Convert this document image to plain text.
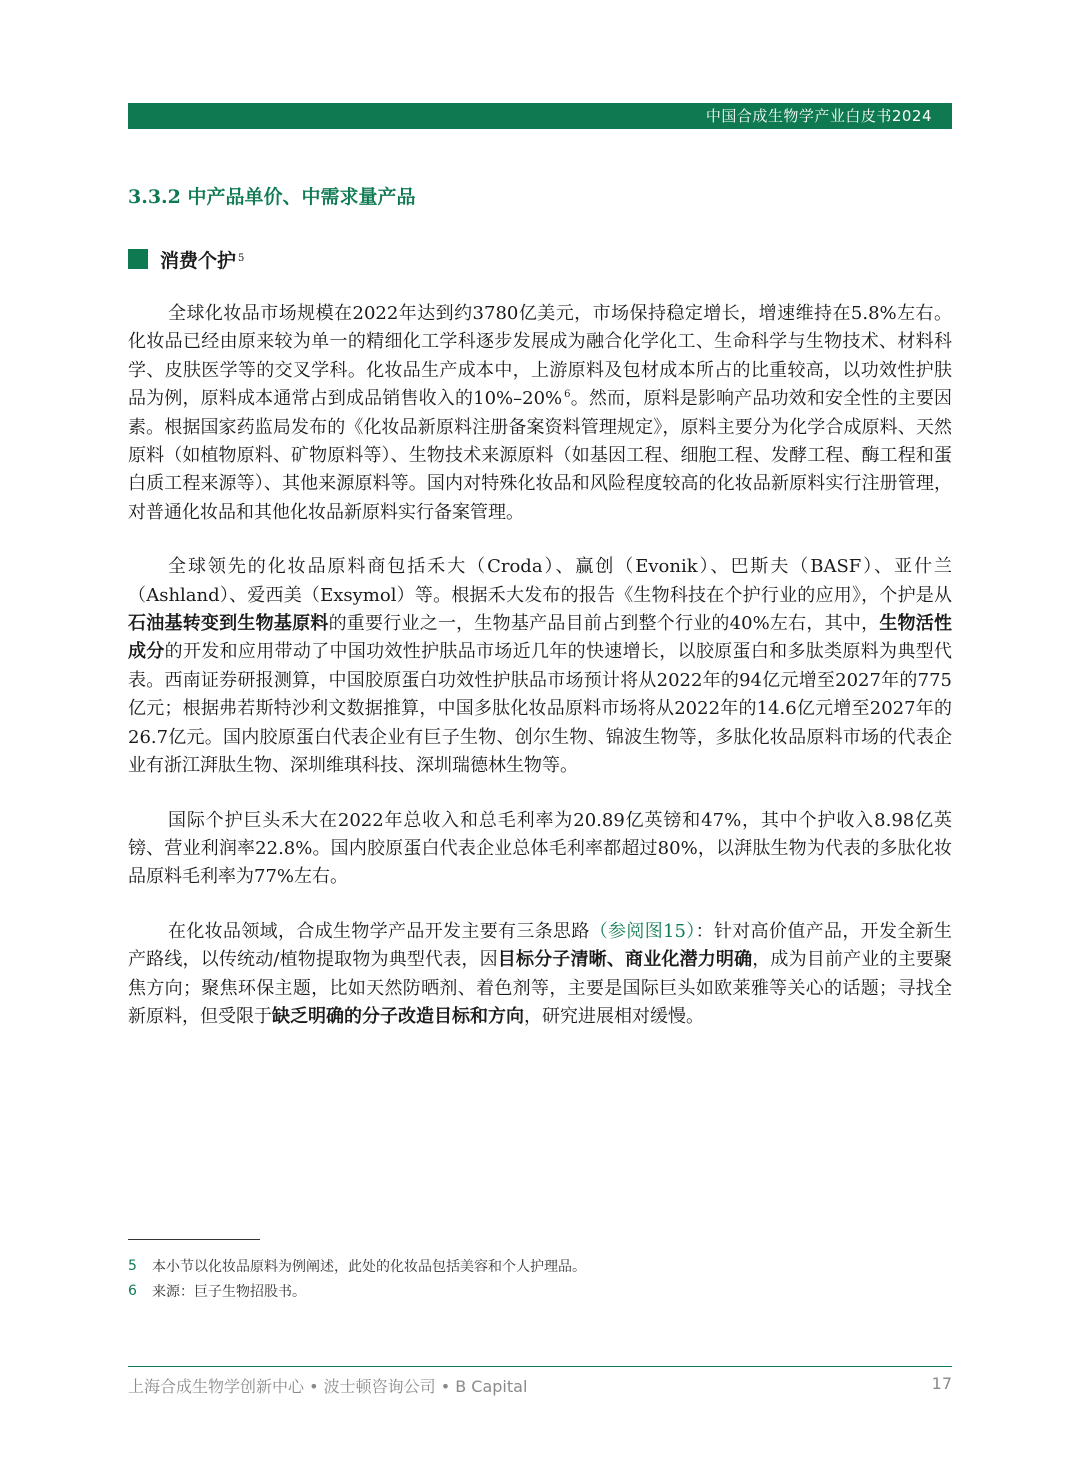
中国合成生物学产业白皮书2024
3.3.2 中产品单价、中需求量产品
消费个护 5

全球化妆品市场规模在2022年达到约3780亿美元，市场保持稳定增长，增速维持在5.8%左右。化妆品已经由原来较为单一的精细化工学科逐步发展成为融合化学化工、生命科学与生物技术、材料科学、皮肤医学等的交叉学科。化妆品生产成本中，上游原料及包材成本所占的比重较高，以功效性护肤品为例，原料成本通常占到成品销售收入的10%–20% $^6$。然而，原料是影响产品功效和安全性的主要因素。根据国家药监局发布的《化妆品新原料注册备案资料管理规定》，原料主要分为化学合成原料、天然原料（如植物原料、矿物原料等）、生物技术来源原料（如基因工程、细胞工程、发酵工程、酶工程和蛋白质工程来源等）、其他来源原料等。国内对特殊化妆品和风险程度较高的化妆品新原料实行注册管理，对普通化妆品和其他化妆品新原料实行备案管理。

全球领先的化妆品原料商包括禾大（Croda）、赢创（Evonik）、巴斯夫（BASF）、亚什兰（Ashland）、爱西美（Exsymol）等。根据禾大发布的报告《生物科技在个护行业的应用》，个护是从石油基转变到生物基原料的重要行业之一，生物基产品目前占到整个行业的40%左右，其中，生物活性成分的开发和应用带动了中国功效性护肤品市场近几年的快速增长，以胶原蛋白和多肽类原料为典型代表。西南证券研报测算，中国胶原蛋白功效性护肤品市场预计将从2022年的94亿元增至2027年的775亿元；根据弗若斯特沙利文数据推算，中国多肽化妆品原料市场将从2022年的14.6亿元增至2027年的26.7亿元。国内胶原蛋白代表企业有巨子生物、创尔生物、锦波生物等，多肽化妆品原料市场的代表企业有浙江湃肽生物、深圳维琪科技、深圳瑞德林生物等。

国际个护巨头禾大在2022年总收入和总毛利率为20.89亿英镑和47%，其中个护收入8.98亿英镑、营业利润率22.8%。国内胶原蛋白代表企业总体毛利率都超过80%，以湃肽生物为代表的多肽化妆品原料毛利率为77%左右。

在化妆品领域，合成生物学产品开发主要有三条思路（参阅图15）：针对高价值产品，开发全新生产路线，以传统动/植物提取物为典型代表，因目标分子清晰、商业化潜力明确，成为目前产业的主要聚焦方向；聚焦环保主题，比如天然防晒剂、着色剂等，主要是国际巨头如欧莱雅等关心的话题；寻找全新原料，但受限于缺乏明确的分子改造目标和方向，研究进展相对缓慢。

5	本小节以化妆品原料为例阐述，此处的化妆品包括美容和个人护理品。
6	来源：巨子生物招股书。
上海合成生物学创新中心 • 波士顿咨询公司 • B Capital	17
